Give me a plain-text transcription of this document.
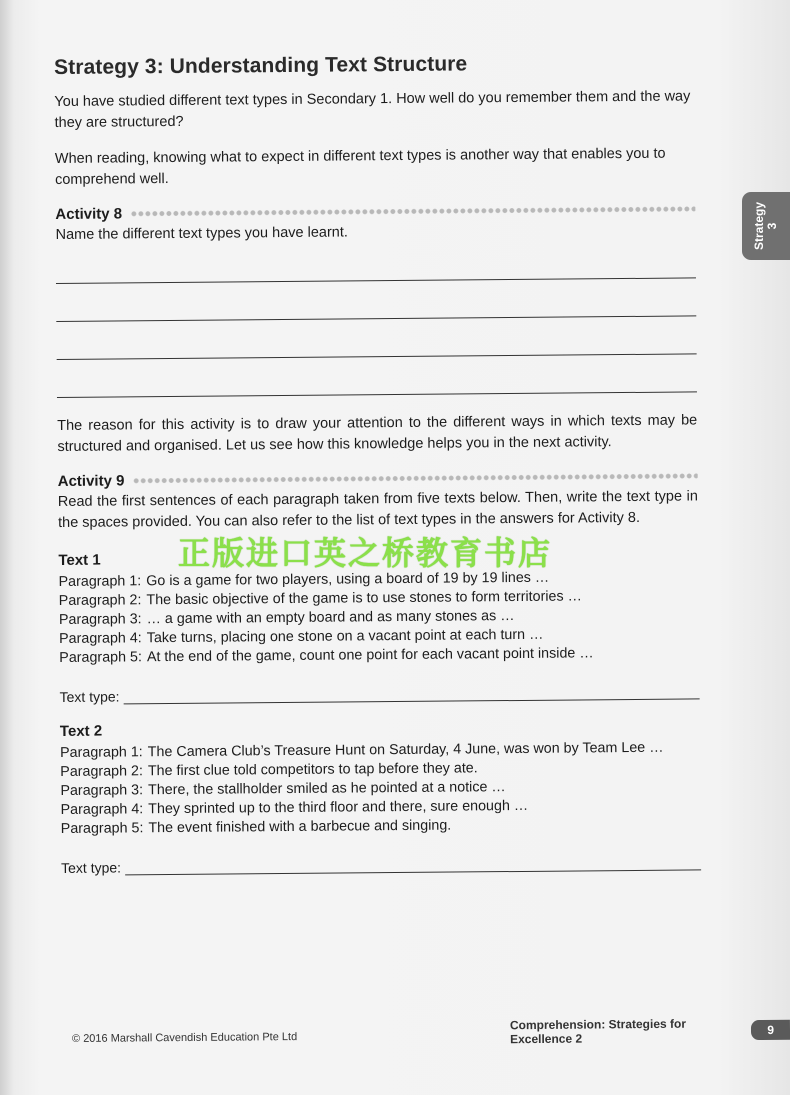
Strategy 3: Understanding Text Structure

You have studied different text types in Secondary 1. How well do you remember them and the way they are structured?

When reading, knowing what to expect in different text types is another way that enables you to comprehend well.

Activity 8

Name the different text types you have learnt.

The reason for this activity is to draw your attention to the different ways in which texts may be structured and organised. Let us see how this knowledge helps you in the next activity.

Activity 9

Read the first sentences of each paragraph taken from five texts below. Then, write the text type in the spaces provided. You can also refer to the list of text types in the answers for Activity 8.

Text 1
Paragraph 1: Go is a game for two players, using a board of 19 by 19 lines …
Paragraph 2: The basic objective of the game is to use stones to form territories …
Paragraph 3: … a game with an empty board and as many stones as …
Paragraph 4: Take turns, placing one stone on a vacant point at each turn …
Paragraph 5: At the end of the game, count one point for each vacant point inside …
Text type:
Text 2
Paragraph 1: The Camera Club’s Treasure Hunt on Saturday, 4 June, was won by Team Lee …
Paragraph 2: The first clue told competitors to tap before they ate.
Paragraph 3: There, the stallholder smiled as he pointed at a notice …
Paragraph 4: They sprinted up to the third floor and there, sure enough …
Paragraph 5: The event finished with a barbecue and singing.
Text type:
Strategy 3
正版进口英之桥教育书店
© 2016 Marshall Cavendish Education Pte Ltd
Comprehension: Strategies for Excellence 2
9
